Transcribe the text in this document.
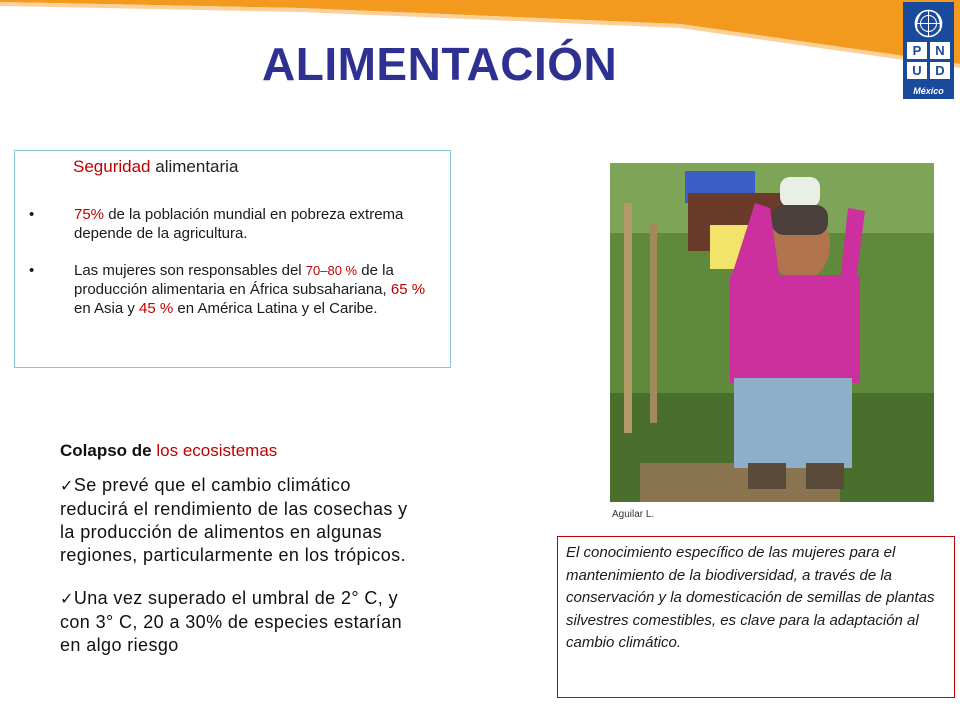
ALIMENTACIÓN	P	N
U	D
México
Seguridad alimentaria
•	75% de la población mundial en pobreza extrema depende de la agricultura.
•	Las mujeres son responsables del 70–80 % de la producción alimentaria en África subsahariana, 65 % en Asia y 45 % en América Latina y el Caribe.

Colapso de los ecosistemas

✓Se prevé que el cambio climático reducirá el rendimiento de las cosechas y la producción de alimentos en algunas regiones, particularmente en los trópicos.
✓Una vez superado el umbral de 2° C, y con 3° C, 20 a 30% de especies estarían en algo riesgo
Aguilar L.

El conocimiento específico de las mujeres para el mantenimiento de la biodiversidad, a través de la conservación y la domesticación de semillas de plantas silvestres comestibles, es clave para la adaptación al cambio climático.
